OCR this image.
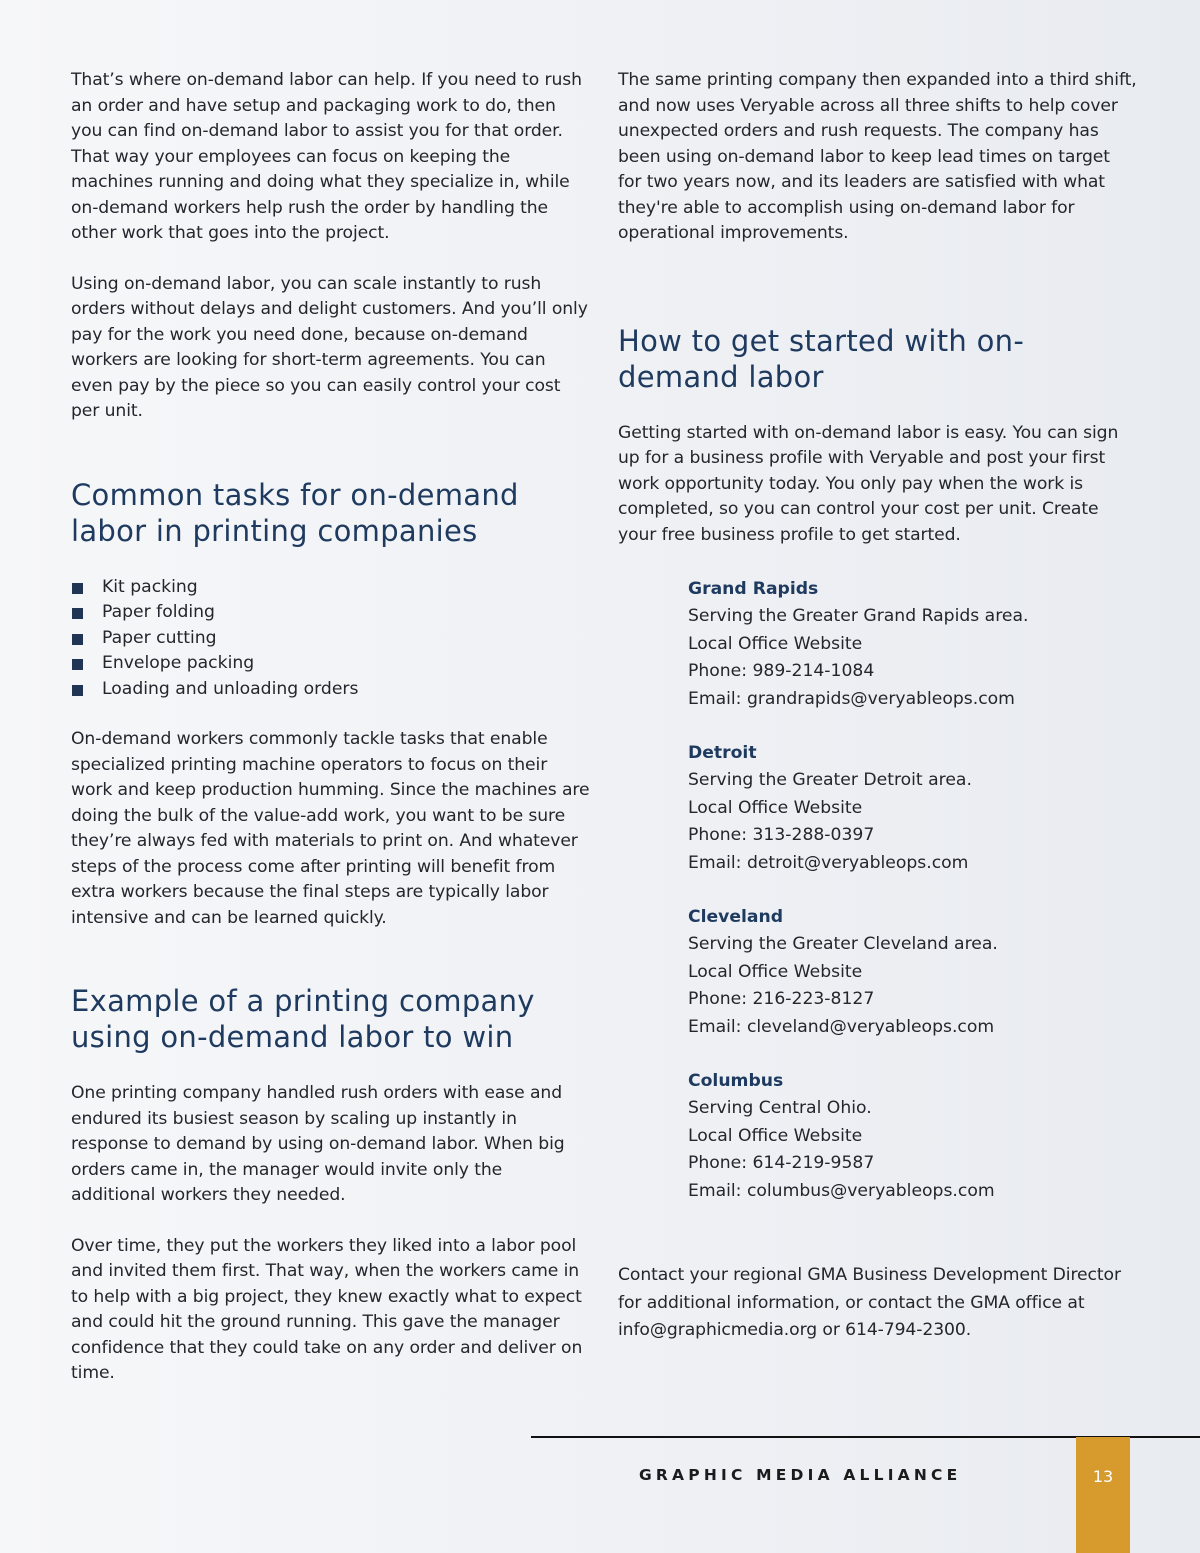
That’s where on-demand labor can help. If you need to rush an order and have setup and packaging work to do, then you can find on-demand labor to assist you for that order. That way your employees can focus on keeping the machines running and doing what they specialize in, while on-demand workers help rush the order by handling the other work that goes into the project.

Using on-demand labor, you can scale instantly to rush orders without delays and delight customers. And you’ll only pay for the work you need done, because on-demand workers are looking for short-term agreements. You can even pay by the piece so you can easily control your cost per unit.

Common tasks for on-demand labor in printing companies
Kit packing
Paper folding
Paper cutting
Envelope packing
Loading and unloading orders

On-demand workers commonly tackle tasks that enable specialized printing machine operators to focus on their work and keep production humming. Since the machines are doing the bulk of the value-add work, you want to be sure they’re always fed with materials to print on. And whatever steps of the process come after printing will benefit from extra workers because the final steps are typically labor intensive and can be learned quickly.

Example of a printing company using on-demand labor to win

One printing company handled rush orders with ease and endured its busiest season by scaling up instantly in response to demand by using on-demand labor. When big orders came in, the manager would invite only the additional workers they needed.

Over time, they put the workers they liked into a labor pool and invited them first. That way, when the workers came in to help with a big project, they knew exactly what to expect and could hit the ground running. This gave the manager confidence that they could take on any order and deliver on time.

The same printing company then expanded into a third shift, and now uses Veryable across all three shifts to help cover unexpected orders and rush requests. The company has been using on-demand labor to keep lead times on target for two years now, and its leaders are satisfied with what they're able to accomplish using on-demand labor for operational improvements.

How to get started with on-demand labor

Getting started with on-demand labor is easy. You can sign up for a business profile with Veryable and post your first work opportunity today. You only pay when the work is completed, so you can control your cost per unit. Create your free business profile to get started.

Grand Rapids
Serving the Greater Grand Rapids area.
Local Office Website
Phone: 989-214-1084
Email: grandrapids@veryableops.com
Detroit
Serving the Greater Detroit area.
Local Office Website
Phone: 313-288-0397
Email: detroit@veryableops.com
Cleveland
Serving the Greater Cleveland area.
Local Office Website
Phone: 216-223-8127
Email: cleveland@veryableops.com
Columbus
Serving Central Ohio.
Local Office Website
Phone: 614-219-9587
Email: columbus@veryableops.com

Contact your regional GMA Business Development Director for additional information, or contact the GMA office at info@graphicmedia.org or 614-794-2300.

GRAPHIC MEDIA ALLIANCE	13
